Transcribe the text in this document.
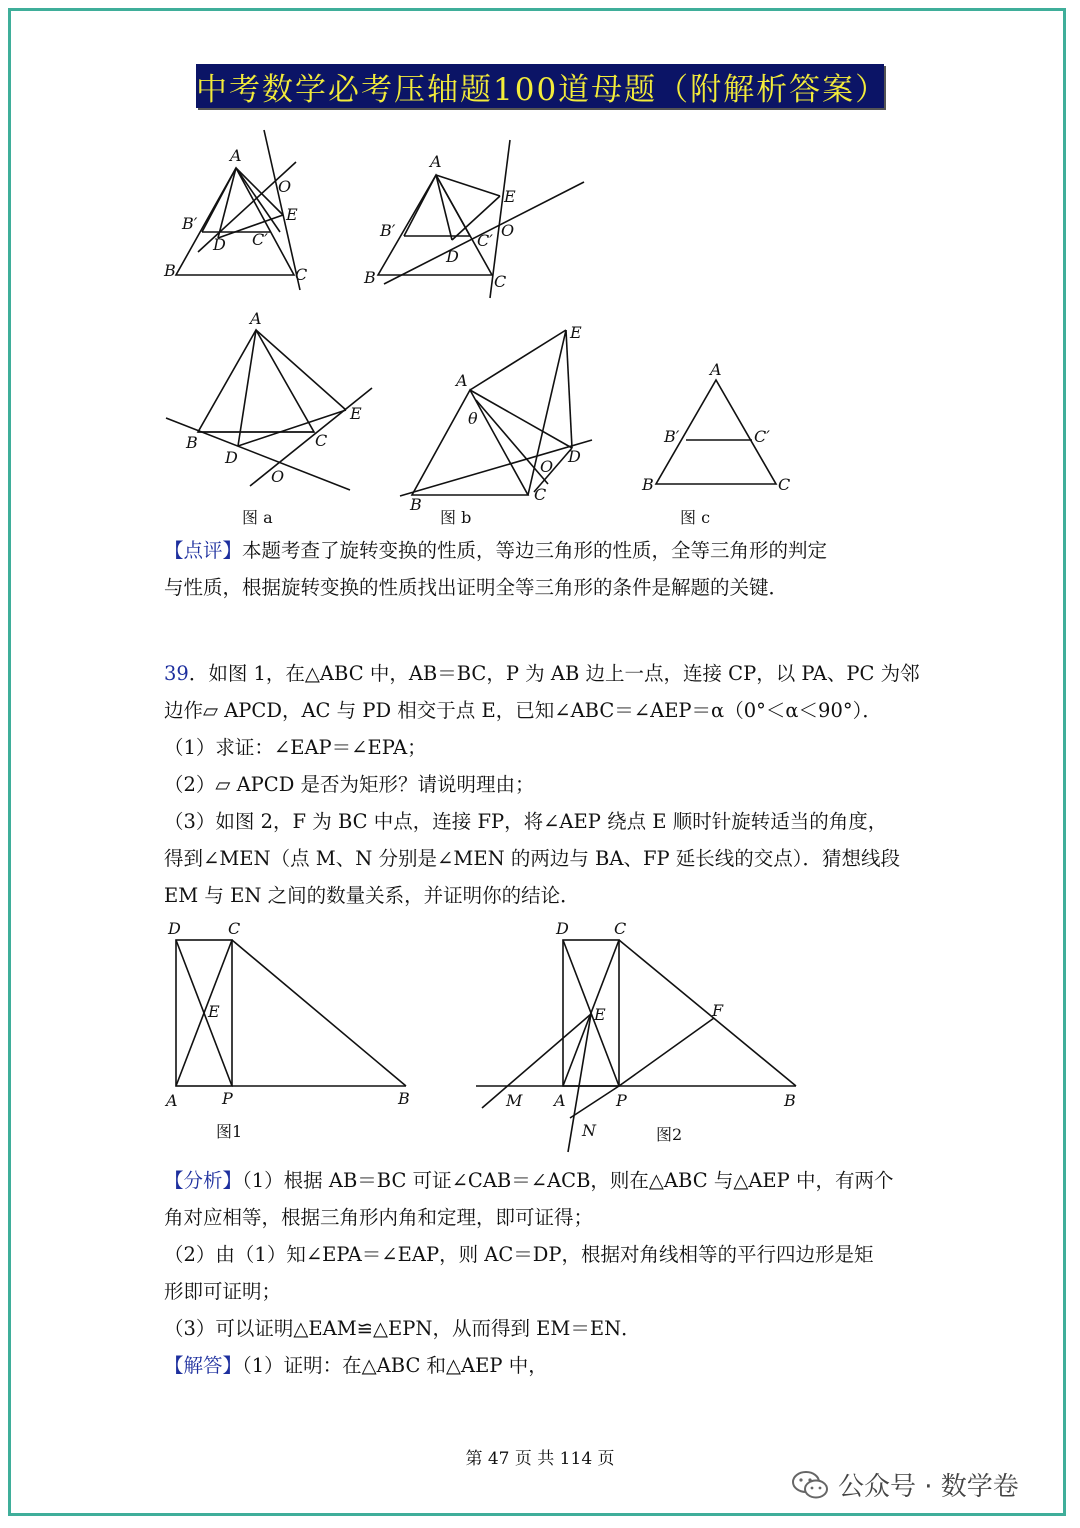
中考数学必考压轴题100道母题（附解析答案）
A
O
E
B′
D C′
B	C
A
E
B′
C′
O
D
B	C
A
E
B	C
D
O
图 a
A
E
θ
D
O
B
C
图 b
A
B′	C′
B	C
图 c
D	C
E
A	P	B
图1
D	C
E	F
M A	P	B
N	图2
【点评】本题考查了旋转变换的性质，等边三角形的性质，全等三角形的判定
与性质，根据旋转变换的性质找出证明全等三角形的条件是解题的关键．
39．如图 1，在△ABC 中，AB＝BC，P 为 AB 边上一点，连接 CP，以 PA、PC 为邻
边作▱ APCD，AC 与 PD 相交于点 E，已知∠ABC＝∠AEP＝α（0°＜α＜90°）．
（1）求证：∠EAP＝∠EPA；
（2）▱ APCD 是否为矩形？请说明理由；
（3）如图 2，F 为 BC 中点，连接 FP，将∠AEP 绕点 E 顺时针旋转适当的角度，
得到∠MEN（点 M、N 分别是∠MEN 的两边与 BA、FP 延长线的交点）．猜想线段
EM 与 EN 之间的数量关系，并证明你的结论．
【分析】（1）根据 AB＝BC 可证∠CAB＝∠ACB，则在△ABC 与△AEP 中，有两个
角对应相等，根据三角形内角和定理，即可证得；
（2）由（1）知∠EPA＝∠EAP，则 AC＝DP，根据对角线相等的平行四边形是矩
形即可证明；
（3）可以证明△EAM≌△EPN，从而得到 EM＝EN．
【解答】（1）证明：在△ABC 和△AEP 中，
第 47 页 共 114 页
公众号 · 数学卷
